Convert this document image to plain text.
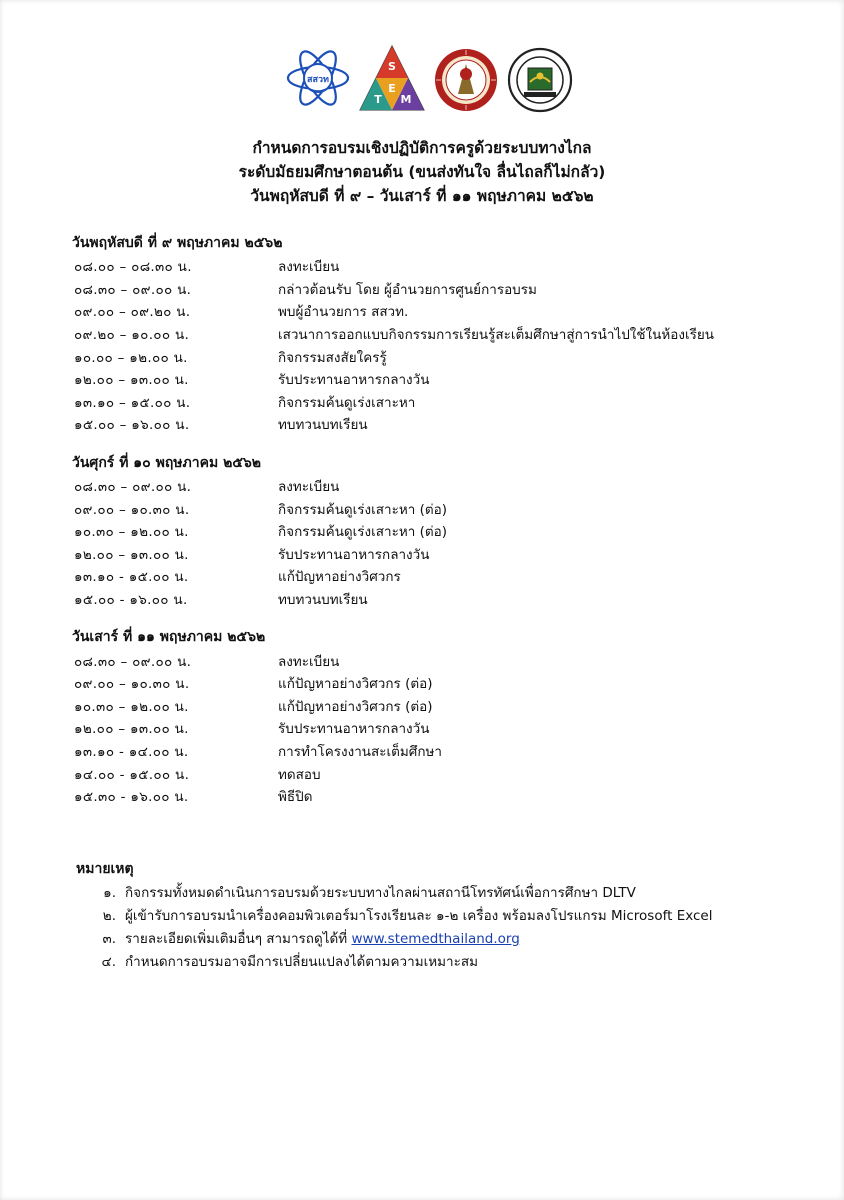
สสวท
S
T
E
M
กำหนดการอบรมเชิงปฏิบัติการครูด้วยระบบทางไกล
ระดับมัธยมศึกษาตอนต้น (ขนส่งทันใจ ลื่นไถลก็ไม่กลัว)
วันพฤหัสบดี ที่ ๙ – วันเสาร์ ที่ ๑๑ พฤษภาคม ๒๕๖๒
วันพฤหัสบดี ที่ ๙ พฤษภาคม ๒๕๖๒
๐๘.๐๐ – ๐๘.๓๐ น.	ลงทะเบียน
๐๘.๓๐ – ๐๙.๐๐ น.	กล่าวต้อนรับ โดย ผู้อำนวยการศูนย์การอบรม
๐๙.๐๐ – ๐๙.๒๐ น.	พบผู้อำนวยการ สสวท.
๐๙.๒๐ – ๑๐.๐๐ น.	เสวนาการออกแบบกิจกรรมการเรียนรู้สะเต็มศึกษาสู่การนำไปใช้ในห้องเรียน
๑๐.๐๐ – ๑๒.๐๐ น.	กิจกรรมสงสัยใครรู้
๑๒.๐๐ – ๑๓.๐๐ น.	รับประทานอาหารกลางวัน
๑๓.๑๐ – ๑๕.๐๐ น.	กิจกรรมค้นดูเร่งเสาะหา
๑๕.๐๐ – ๑๖.๐๐ น.	ทบทวนบทเรียน
วันศุกร์ ที่ ๑๐ พฤษภาคม ๒๕๖๒
๐๘.๓๐ – ๐๙.๐๐ น.	ลงทะเบียน
๐๙.๐๐ – ๑๐.๓๐ น.	กิจกรรมค้นดูเร่งเสาะหา (ต่อ)
๑๐.๓๐ – ๑๒.๐๐ น.	กิจกรรมค้นดูเร่งเสาะหา (ต่อ)
๑๒.๐๐ – ๑๓.๐๐ น.	รับประทานอาหารกลางวัน
๑๓.๑๐ - ๑๕.๐๐ น.	แก้ปัญหาอย่างวิศวกร
๑๕.๐๐ - ๑๖.๐๐ น.	ทบทวนบทเรียน
วันเสาร์ ที่ ๑๑ พฤษภาคม ๒๕๖๒
๐๘.๓๐ – ๐๙.๐๐ น.	ลงทะเบียน
๐๙.๐๐ – ๑๐.๓๐ น.	แก้ปัญหาอย่างวิศวกร (ต่อ)
๑๐.๓๐ – ๑๒.๐๐ น.	แก้ปัญหาอย่างวิศวกร (ต่อ)
๑๒.๐๐ – ๑๓.๐๐ น.	รับประทานอาหารกลางวัน
๑๓.๑๐ - ๑๔.๐๐ น.	การทำโครงงานสะเต็มศึกษา
๑๔.๐๐ - ๑๕.๐๐ น.	ทดสอบ
๑๕.๓๐ - ๑๖.๐๐ น.	พิธีปิด
หมายเหตุ
๑. กิจกรรมทั้งหมดดำเนินการอบรมด้วยระบบทางไกลผ่านสถานีโทรทัศน์เพื่อการศึกษา DLTV
๒. ผู้เข้ารับการอบรมนำเครื่องคอมพิวเตอร์มาโรงเรียนละ ๑-๒ เครื่อง พร้อมลงโปรแกรม Microsoft Excel
๓. รายละเอียดเพิ่มเติมอื่นๆ สามารถดูได้ที่ www.stemedthailand.org
๔. กำหนดการอบรมอาจมีการเปลี่ยนแปลงได้ตามความเหมาะสม
